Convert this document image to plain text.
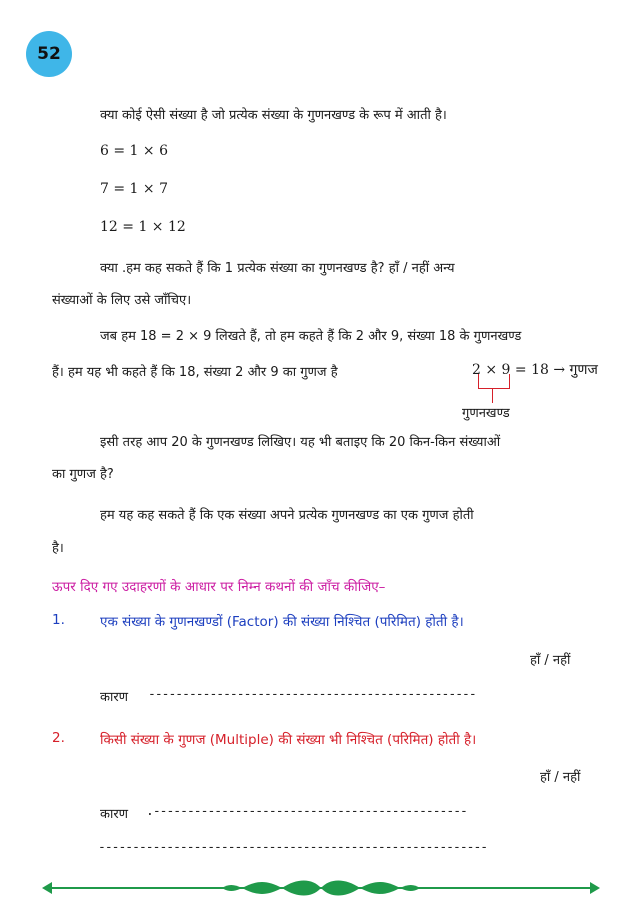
52
क्या कोई ऐसी संख्या है जो प्रत्येक संख्या के गुणनखण्ड के रूप में आती है।
6 = 1 × 6
7 = 1 × 7
12 = 1 × 12
क्या .हम कह सकते हैं कि 1 प्रत्येक संख्या का गुणनखण्ड है? हाँ / नहीं अन्य
संख्याओं के लिए उसे जाँचिए।
जब हम 18 = 2 × 9 लिखते हैं, तो हम कहते हैं कि 2 और 9, संख्या 18 के गुणनखण्ड
हैं। हम यह भी कहते हैं कि 18, संख्या 2 और 9 का गुणज है	2 × 9 = 18 → गुणज
गुणनखण्ड
इसी तरह आप 20 के गुणनखण्ड लिखिए। यह भी बताइए कि 20 किन-किन संख्याओं
का गुणज है?
हम यह कह सकते हैं कि एक संख्या अपने प्रत्येक गुणनखण्ड का एक गुणज होती
है।
ऊपर दिए गए उदाहरणों के आधार पर निम्न कथनों की जाँच कीजिए–
1.	एक संख्या के गुणनखण्डों (Factor) की संख्या निश्चित (परिमित) होती है।
हाँ / नहीं
कारण ------------------------------------------------
2.	किसी संख्या के गुणज (Multiple) की संख्या भी निश्चित (परिमित) होती है।
हाँ / नहीं
कारण .----------------------------------------------
---------------------------------------------------------
